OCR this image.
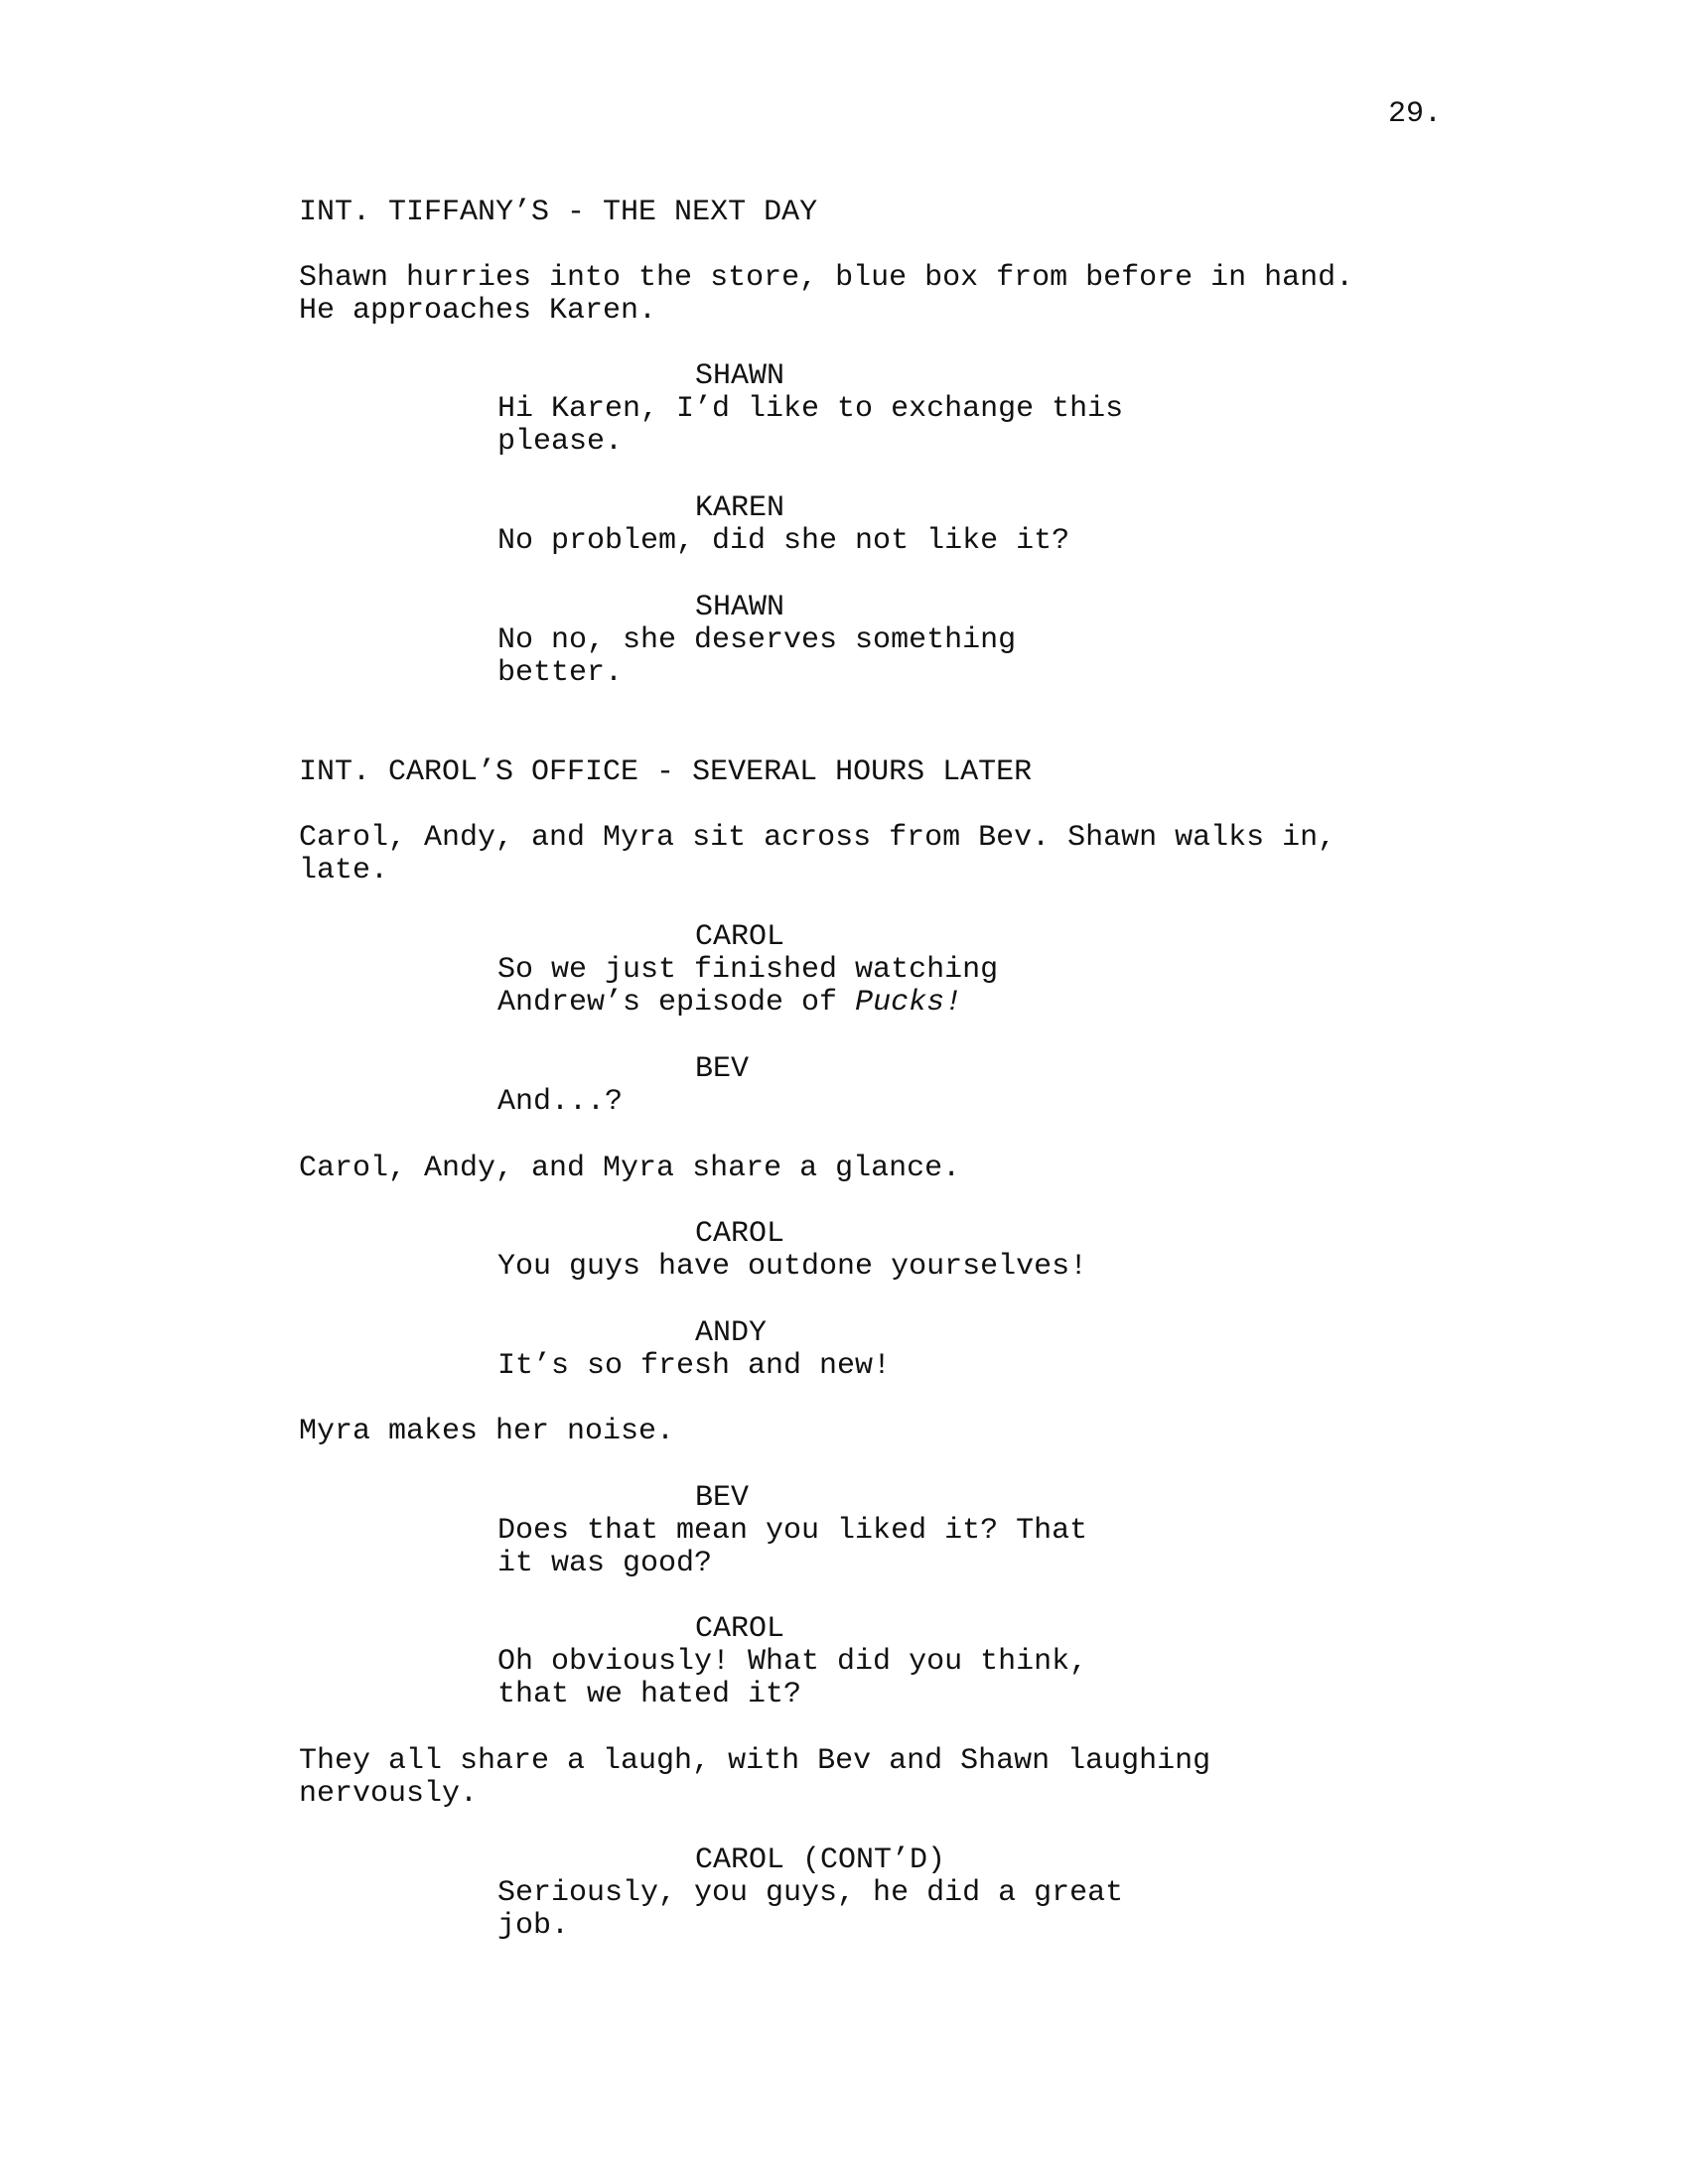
29.
INT. TIFFANY’S - THE NEXT DAY
Shawn hurries into the store, blue box from before in hand.
He approaches Karen.
SHAWN
Hi Karen, I’d like to exchange this
please.
KAREN
No problem, did she not like it?
SHAWN
No no, she deserves something
better.
INT. CAROL’S OFFICE - SEVERAL HOURS LATER
Carol, Andy, and Myra sit across from Bev. Shawn walks in,
late.
CAROL
So we just finished watching
Andrew’s episode of Pucks!
BEV
And...?
Carol, Andy, and Myra share a glance.
CAROL
You guys have outdone yourselves!
ANDY
It’s so fresh and new!
Myra makes her noise.
BEV
Does that mean you liked it? That
it was good?
CAROL
Oh obviously! What did you think,
that we hated it?
They all share a laugh, with Bev and Shawn laughing
nervously.
CAROL (CONT’D)
Seriously, you guys, he did a great
job.
